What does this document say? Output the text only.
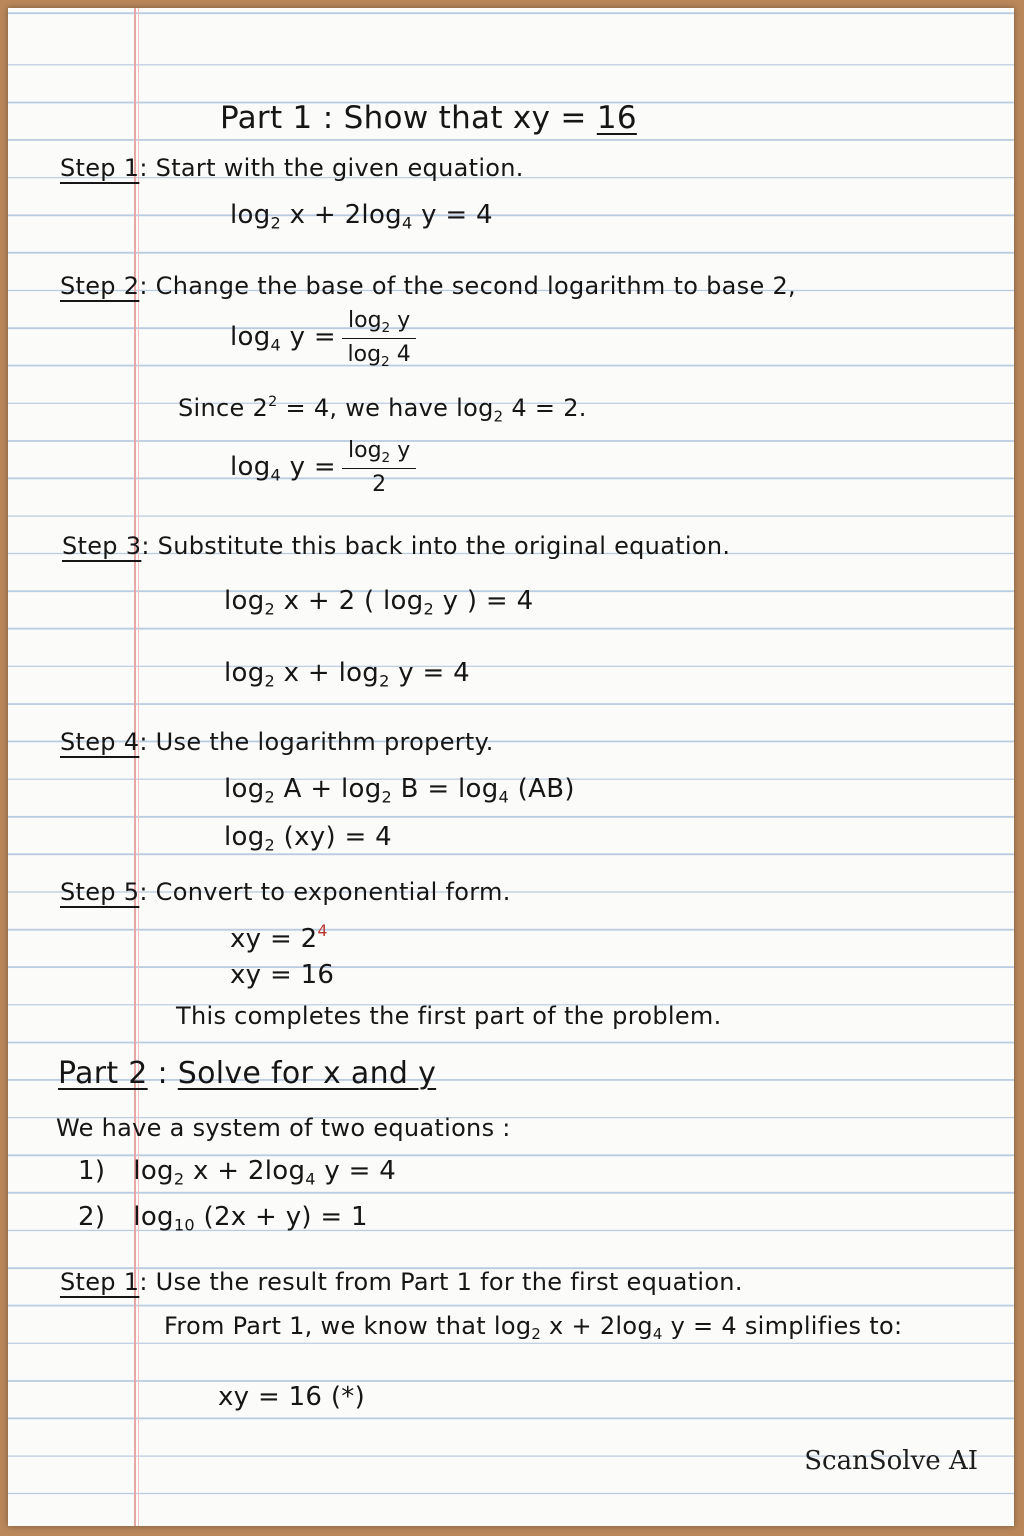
Part 1 : Show that xy = 16
Step 1: Start with the given equation.
$\log_2 x + 2\log_4$ y = 4
Step 2: Change the base of the second logarithm to base 2,
$\log_4 y = \frac{\log_2 y}{\log_2 4}$
Since $2^2 = 4$, we have $\log_2 4 = 2$.
$\log_4 y = \frac{\log_2 y}{2}$
Step 3: Substitute this back into the original equation.
$\log_2 x + 2$ ( $\log_2 y$ ) = 4
$\log_2 x + \log_2 y = 4$
Step 4: Use the logarithm property.
$\log_2 A + \log_2 B = \log_4 (AB)$
$\log_2 (xy) = 4$
Step 5: Convert to exponential form.
xy = $2^4$
xy = 16
This completes the first part of the problem.
Part 2 : Solve for x and y
We have a system of two equations :
1) $\log_2 x + 2\log_4$ y = 4
2) $\log_{10} (2x + y) = 1$
Step 1: Use the result from Part 1 for the first equation.
From Part 1, we know that $\log_2 x + 2\log_4$ y = 4 simplifies to:
xy = 16 (*)
ScanSolve AI
